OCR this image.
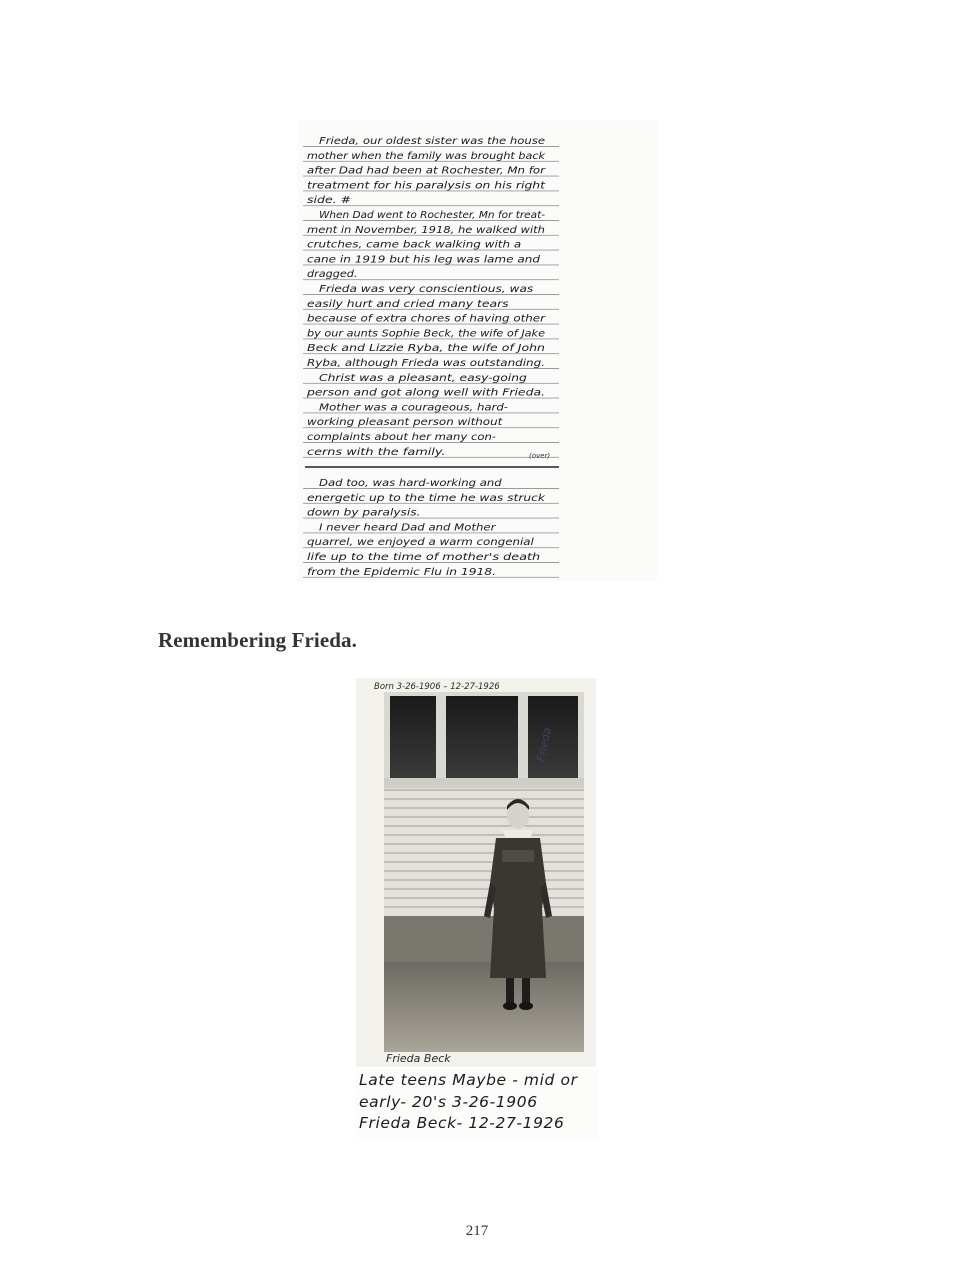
Frieda, our oldest sister was the house
mother when the family was brought back
after Dad had been at Rochester, Mn for
treatment for his paralysis on his right
side. #
When Dad went to Rochester, Mn for treat-
ment in November, 1918, he walked with
crutches, came back walking with a
cane in 1919 but his leg was lame and
dragged.
Frieda was very conscientious, was
easily hurt and cried many tears
because of extra chores of having other
by our aunts Sophie Beck, the wife of Jake
Beck and Lizzie Ryba, the wife of John
Ryba, although Frieda was outstanding.
Christ was a pleasant, easy-going
person and got along well with Frieda.
Mother was a courageous, hard-
working pleasant person without
complaints about her many con-
cerns with the family.
Dad too, was hard-working and
energetic up to the time he was struck
down by paralysis.
I never heard Dad and Mother
quarrel, we enjoyed a warm congenial
life up to the time of mother's death
from the Epidemic Flu in 1918.
(over)
Remembering Frieda.
Born 3-26-1906 – 12-27-1926
Frieda
Frieda Beck
Late teens Maybe - mid or
early- 20's 3-26-1906
Frieda Beck- 12-27-1926
217
